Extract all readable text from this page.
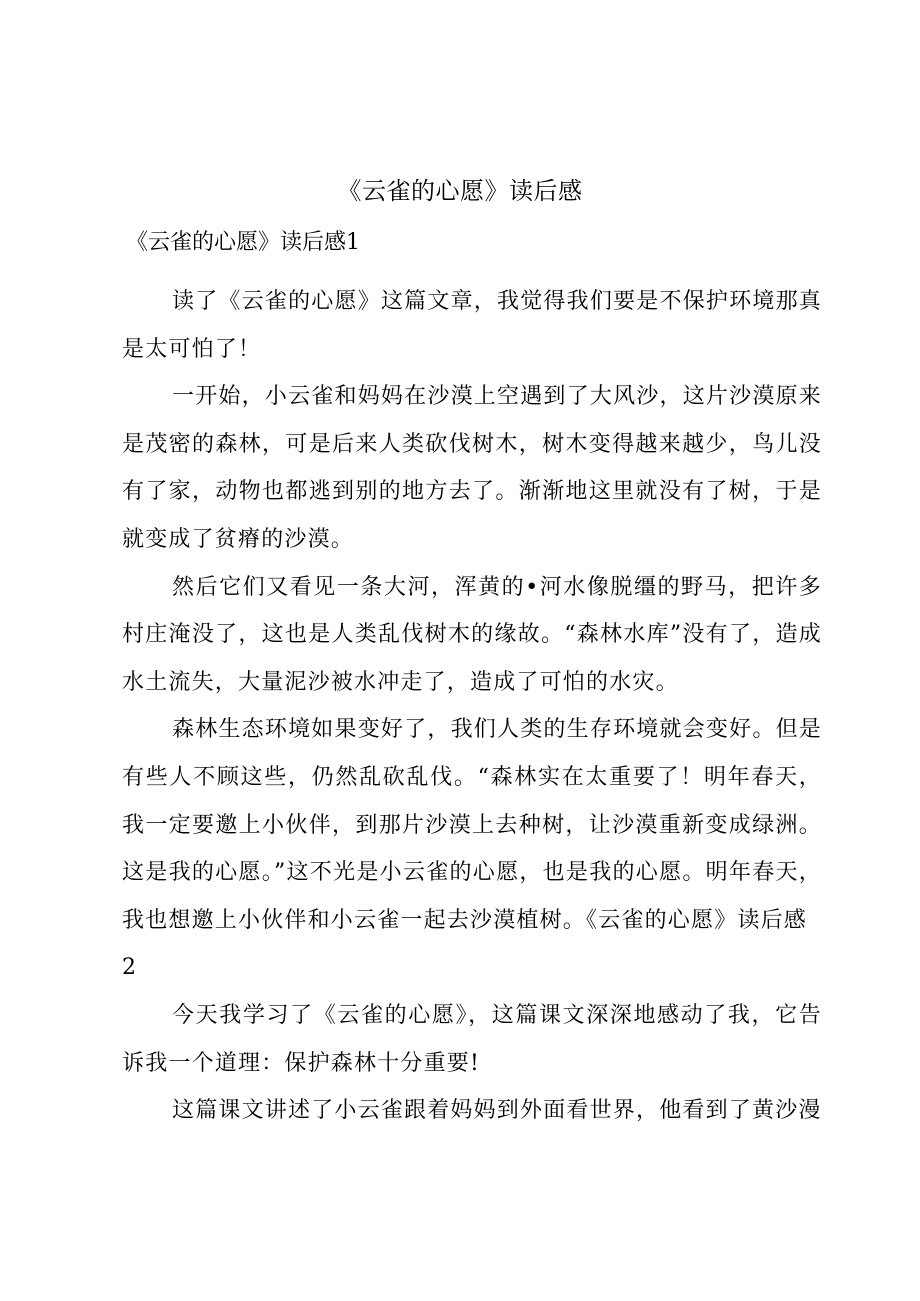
《云雀的心愿》读后感
《云雀的心愿》读后感1

读了《云雀的心愿》这篇文章，我觉得我们要是不保护环境那真是太可怕了！

一开始，小云雀和妈妈在沙漠上空遇到了大风沙，这片沙漠原来是茂密的森林，可是后来人类砍伐树木，树木变得越来越少，鸟儿没有了家，动物也都逃到别的地方去了。渐渐地这里就没有了树，于是就变成了贫瘠的沙漠。

然后它们又看见一条大河，浑黄的•河水像脱缰的野马，把许多村庄淹没了，这也是人类乱伐树木的缘故。“森林水库”没有了，造成水土流失，大量泥沙被水冲走了，造成了可怕的水灾。

森林生态环境如果变好了，我们人类的生存环境就会变好。但是有些人不顾这些，仍然乱砍乱伐。“森林实在太重要了！明年春天，我一定要邀上小伙伴，到那片沙漠上去种树，让沙漠重新变成绿洲。这是我的心愿。”这不光是小云雀的心愿，也是我的心愿。明年春天，我也想邀上小伙伴和小云雀一起去沙漠植树。《云雀的心愿》读后感

2

今天我学习了《云雀的心愿》，这篇课文深深地感动了我，它告诉我一个道理：保护森林十分重要!

这篇课文讲述了小云雀跟着妈妈到外面看世界，他看到了黄沙漫
